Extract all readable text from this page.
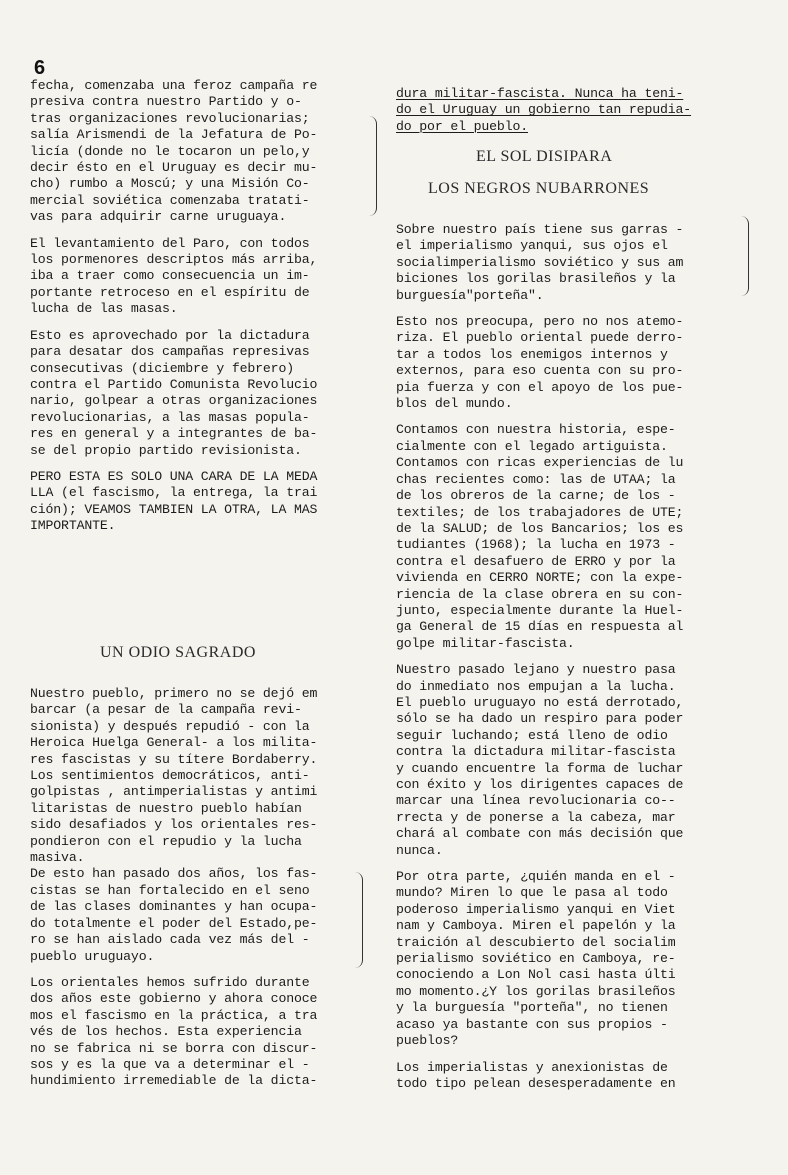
6

fecha, comenzaba una feroz campaña re
presiva contra nuestro Partido y o-
tras organizaciones revolucionarias;
salía Arismendi de la Jefatura de Po-
licía (donde no le tocaron un pelo,y
decir ésto en el Uruguay es decir mu-
cho) rumbo a Moscú; y una Misión Co-
mercial soviética comenzaba tratati-
vas para adquirir carne uruguaya.

El levantamiento del Paro, con todos
los pormenores descriptos más arriba,
iba a traer como consecuencia un im-
portante retroceso en el espíritu de
lucha de las masas.

Esto es aprovechado por la dictadura
para desatar dos campañas represivas
consecutivas (diciembre y febrero)
contra el Partido Comunista Revolucio
nario, golpear a otras organizaciones
revolucionarias, a las masas popula-
res en general y a integrantes de ba-
se del propio partido revisionista.

PERO ESTA ES SOLO UNA CARA DE LA MEDA
LLA (el fascismo, la entrega, la trai
ción); VEAMOS TAMBIEN LA OTRA, LA MAS
IMPORTANTE.

UN ODIO SAGRADO

Nuestro pueblo, primero no se dejó em
barcar (a pesar de la campaña revi-
sionista) y después repudió - con la
Heroica Huelga General- a los milita-
res fascistas y su títere Bordaberry.
Los sentimientos democráticos, anti-
golpistas , antimperialistas y antimi
litaristas de nuestro pueblo habían
sido desafiados y los orientales res-
pondieron con el repudio y la lucha
masiva.
De esto han pasado dos años, los fas-
cistas se han fortalecido en el seno
de las clases dominantes y han ocupa-
do totalmente el poder del Estado,pe-
ro se han aislado cada vez más del -
pueblo uruguayo.

Los orientales hemos sufrido durante
dos años este gobierno y ahora conoce
mos el fascismo en la práctica, a tra
vés de los hechos. Esta experiencia
no se fabrica ni se borra con discur-
sos y es la que va a determinar el -
hundimiento irremediable de la dicta-

dura militar-fascista. Nunca ha teni-
do el Uruguay un gobierno tan repudia-
do por el pueblo.

EL SOL DISIPARA
LOS NEGROS NUBARRONES

Sobre nuestro país tiene sus garras -
el imperialismo yanqui, sus ojos el
socialimperialismo soviético y sus am
biciones los gorilas brasileños y la
burguesía"porteña".

Esto nos preocupa, pero no nos atemo-
riza. El pueblo oriental puede derro-
tar a todos los enemigos internos y
externos, para eso cuenta con su pro-
pia fuerza y con el apoyo de los pue-
blos del mundo.

Contamos con nuestra historia, espe-
cialmente con el legado artiguista.
Contamos con ricas experiencias de lu
chas recientes como: las de UTAA; la
de los obreros de la carne; de los -
textiles; de los trabajadores de UTE;
de la SALUD; de los Bancarios; los es
tudiantes (1968); la lucha en 1973 -
contra el desafuero de ERRO y por la
vivienda en CERRO NORTE; con la expe-
riencia de la clase obrera en su con-
junto, especialmente durante la Huel-
ga General de 15 días en respuesta al
golpe militar-fascista.

Nuestro pasado lejano y nuestro pasa
do inmediato nos empujan a la lucha.
El pueblo uruguayo no está derrotado,
sólo se ha dado un respiro para poder
seguir luchando; está lleno de odio
contra la dictadura militar-fascista
y cuando encuentre la forma de luchar
con éxito y los dirigentes capaces de
marcar una línea revolucionaria co--
rrecta y de ponerse a la cabeza, mar
chará al combate con más decisión que
nunca.

Por otra parte, ¿quién manda en el -
mundo? Miren lo que le pasa al todo
poderoso imperialismo yanqui en Viet
nam y Camboya. Miren el papelón y la
traición al descubierto del socialim
perialismo soviético en Camboya, re-
conociendo a Lon Nol casi hasta últi
mo momento.¿Y los gorilas brasileños
y la burguesía "porteña", no tienen
acaso ya bastante con sus propios -
pueblos?

Los imperialistas y anexionistas de
todo tipo pelean desesperadamente en
